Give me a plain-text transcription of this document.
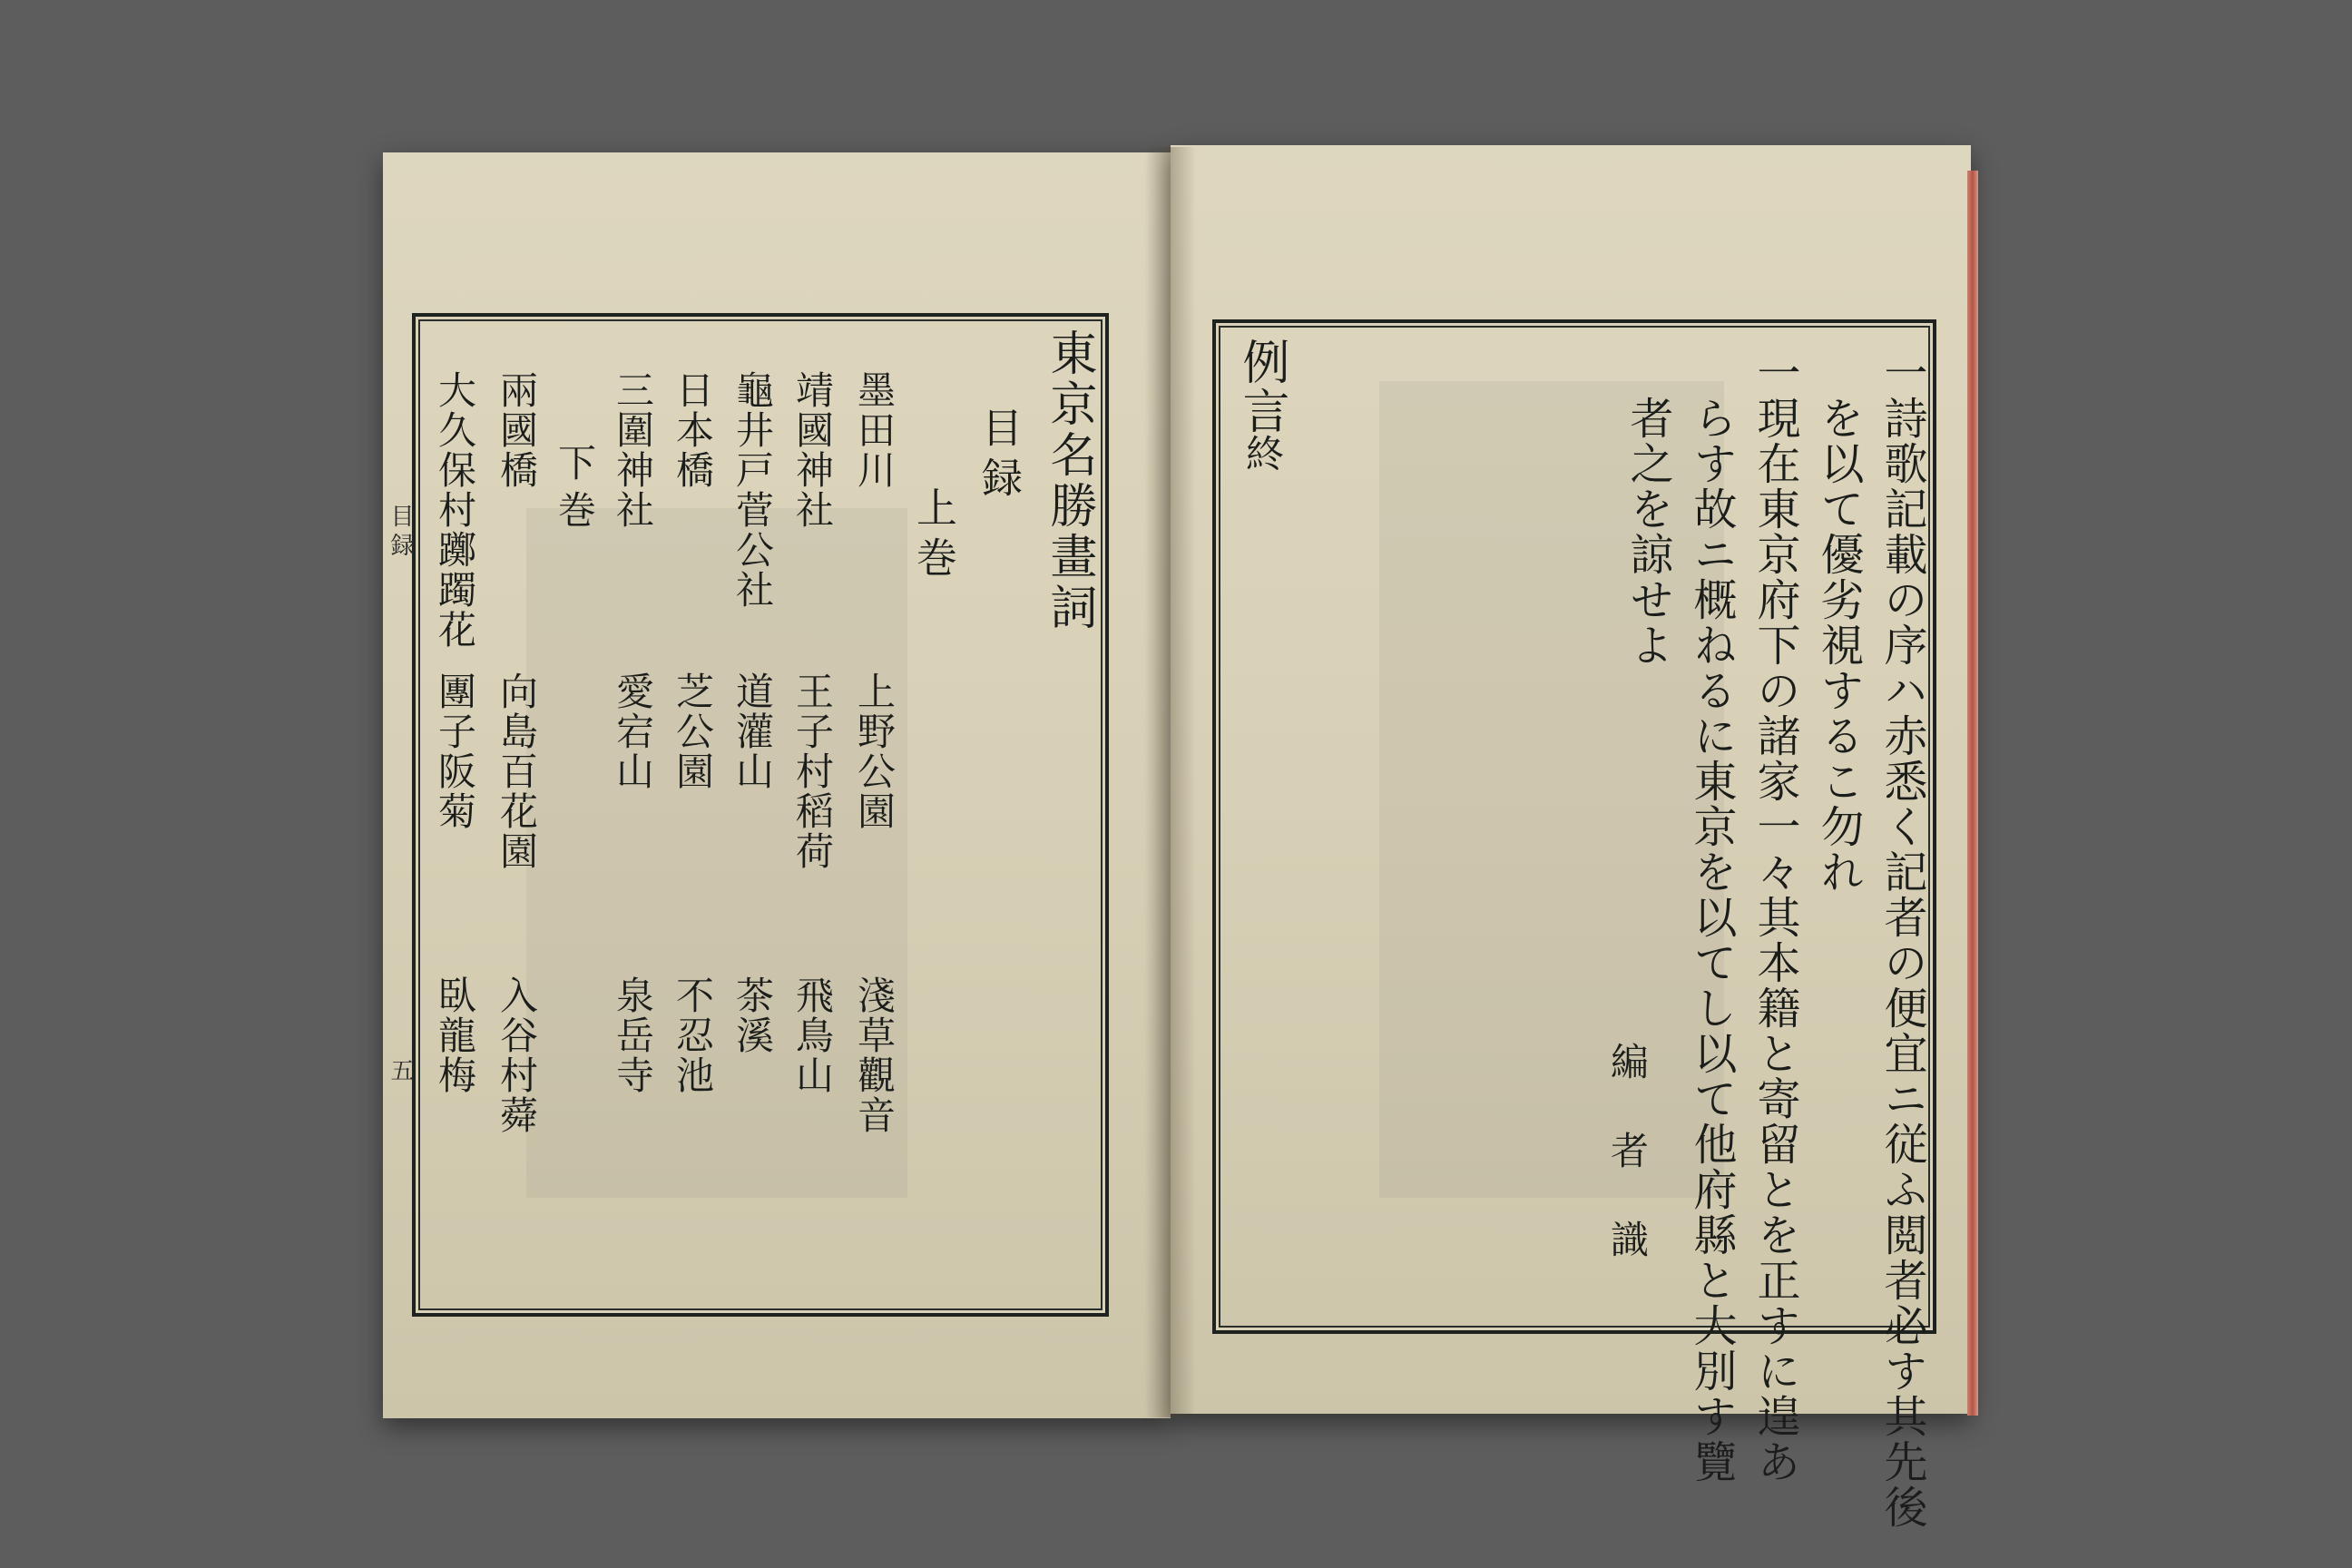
東京名勝畫詞
目録
上巻
墨田川
上野公園
淺草觀音
靖國神社
王子村稻荷
飛鳥山
龜井戸菅公社
道灌山
茶溪
日本橋
芝公園
不忍池
三圍神社
愛宕山
泉岳寺
下巻
兩國橋
向島百花園
入谷村蕣
大久保村躑躅花
團子阪菊
臥龍梅
目録
五	一詩歌記載の序ハ赤悉く記者の便宜ニ従ふ閲者必す其先後
を以て優劣視するこ勿れ
一現在東京府下の諸家一々其本籍と寄留とを正すに遑あ
らす故ニ概ねるに東京を以てし以て他府縣と大別す覽
者之を諒せよ
編者識
例言
終
